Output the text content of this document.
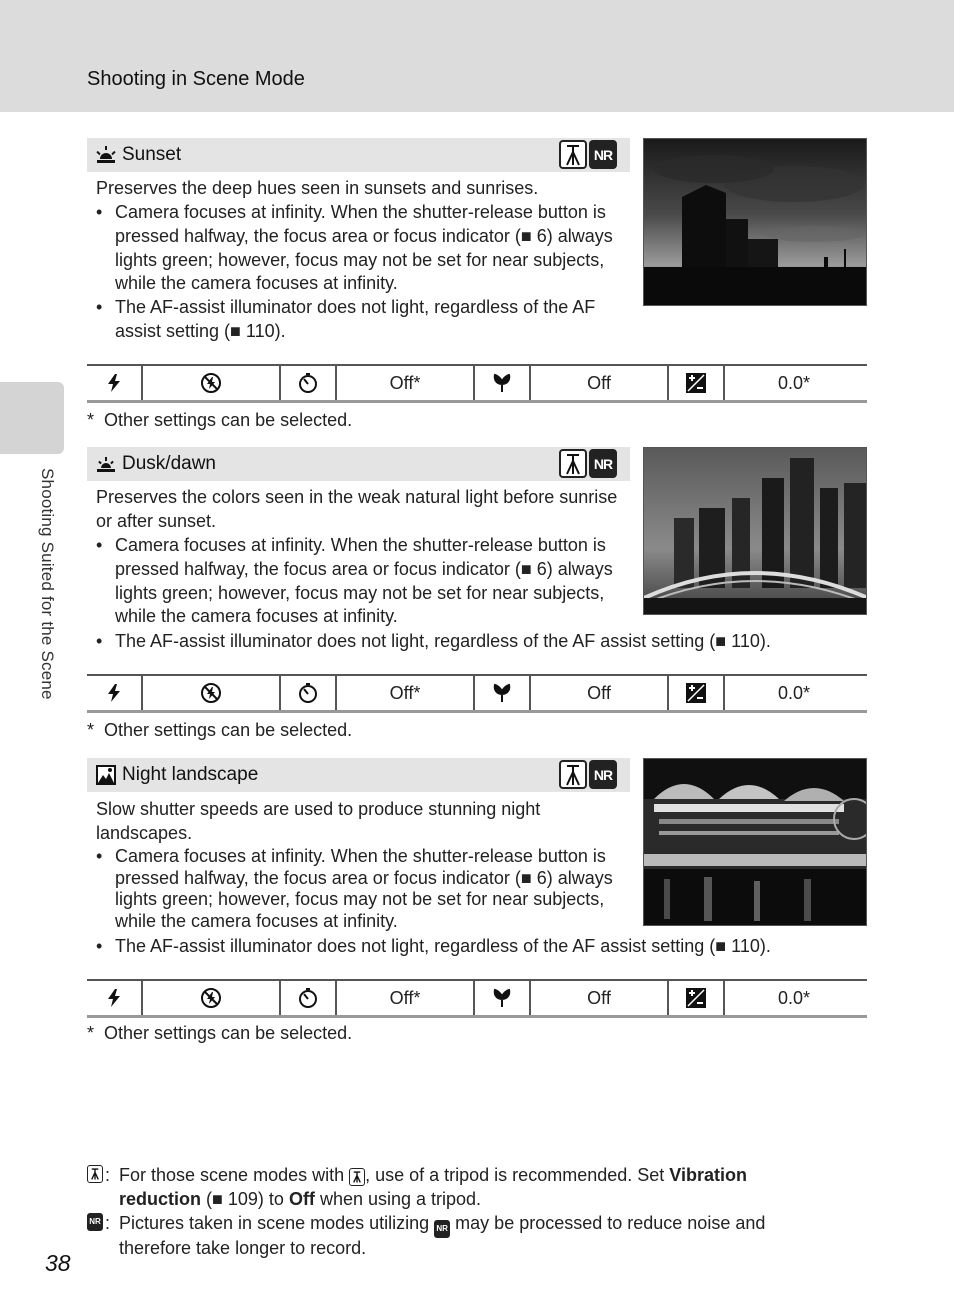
Shooting in Scene Mode
Shooting Suited for the Scene
Sunset	NR
Preserves the deep hues seen in sunsets and sunrises.
• Camera focuses at infinity. When the shutter-release button is pressed halfway, the focus area or focus indicator (■ 6) always lights green; however, focus may not be set for near subjects, while the camera focuses at infinity.
• The AF-assist illuminator does not light, regardless of the AF assist setting (■ 110).
Off*	Off	0.0*
*  Other settings can be selected.
Dusk/dawn	NR
Preserves the colors seen in the weak natural light before sunrise or after sunset.
• Camera focuses at infinity. When the shutter-release button is pressed halfway, the focus area or focus indicator (■ 6) always lights green; however, focus may not be set for near subjects, while the camera focuses at infinity.
• The AF-assist illuminator does not light, regardless of the AF assist setting (■ 110).
Off*	Off	0.0*
*  Other settings can be selected.
Night landscape	NR
Slow shutter speeds are used to produce stunning night landscapes.
• Camera focuses at infinity. When the shutter-release button is pressed halfway, the focus area or focus indicator (■ 6) always lights green; however, focus may not be set for near subjects, while the camera focuses at infinity.
• The AF-assist illuminator does not light, regardless of the AF assist setting (■ 110).
Off*	Off	0.0*
*  Other settings can be selected.
: For those scene modes with
, use of a tripod is recommended. Set Vibration reduction (■ 109) to Off when using a tripod.
NR : Pictures taken in scene modes utilizing NR may be processed to reduce noise and therefore take longer to record.
38
